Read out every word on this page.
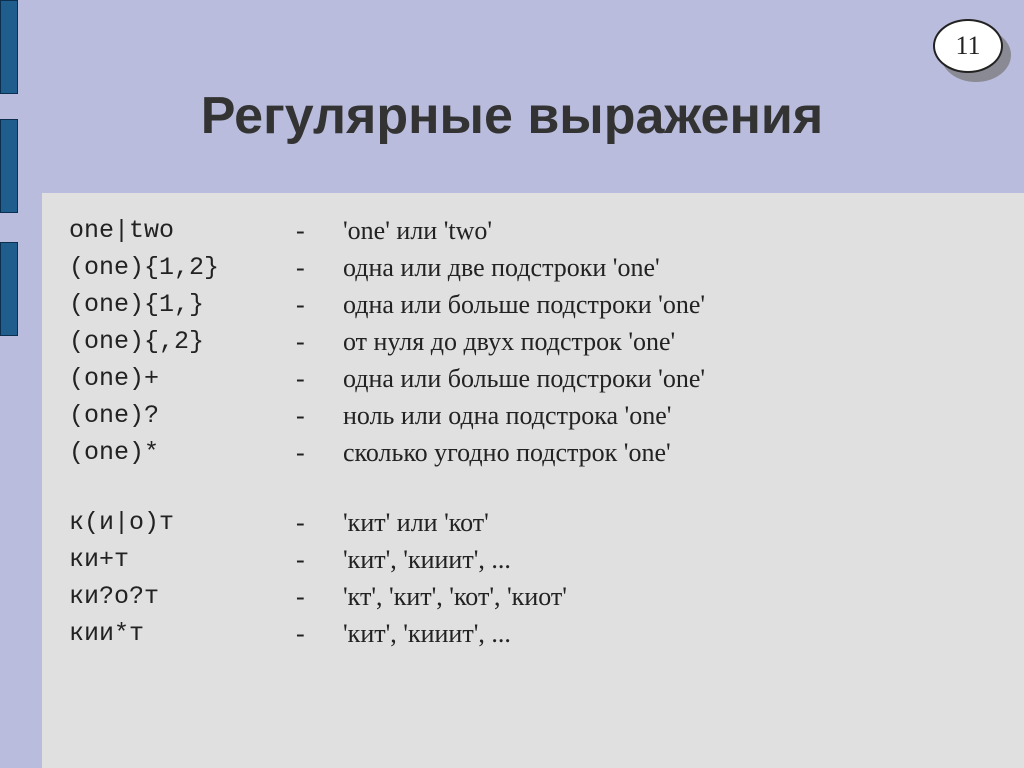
11
Регулярные выражения
one|two	- 'one' или 'two'
(one){1,2}	- одна или две подстроки 'one'
(one){1,}	- одна или больше подстроки 'one'
(one){,2}	- от нуля до двух подстрок 'one'
(one)+	- одна или больше подстроки 'one'
(one)?	- ноль или одна подстрока 'one'
(one)*	- сколько угодно подстрок 'one'
к(и|о)т	- 'кит' или 'кот'
ки+т	- 'кит', 'кииит', ...
ки?о?т	- 'кт', 'кит', 'кот', 'киот'
кии*т	- 'кит', 'кииит', ...
